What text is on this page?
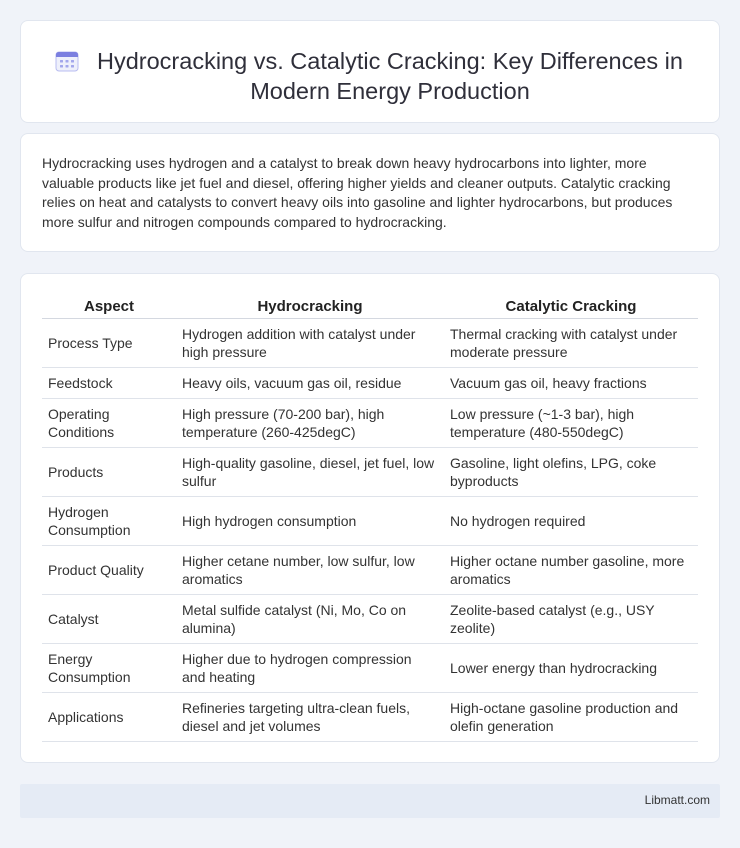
Hydrocracking vs. Catalytic Cracking: Key Differences in Modern Energy Production

Hydrocracking uses hydrogen and a catalyst to break down heavy hydrocarbons into lighter, more valuable products like jet fuel and diesel, offering higher yields and cleaner outputs. Catalytic cracking relies on heat and catalysts to convert heavy oils into gasoline and lighter hydrocarbons, but produces more sulfur and nitrogen compounds compared to hydrocracking.

Aspect	Hydrocracking	Catalytic Cracking
Process Type	Hydrogen addition with catalyst under high pressure	Thermal cracking with catalyst under moderate pressure
Feedstock	Heavy oils, vacuum gas oil, residue	Vacuum gas oil, heavy fractions
Operating Conditions	High pressure (70-200 bar), high temperature (260-425degC)	Low pressure (~1-3 bar), high temperature (480-550degC)
Products	High-quality gasoline, diesel, jet fuel, low sulfur	Gasoline, light olefins, LPG, coke byproducts
Hydrogen Consumption	High hydrogen consumption	No hydrogen required
Product Quality	Higher cetane number, low sulfur, low aromatics	Higher octane number gasoline, more aromatics
Catalyst	Metal sulfide catalyst (Ni, Mo, Co on alumina)	Zeolite-based catalyst (e.g., USY zeolite)
Energy Consumption	Higher due to hydrogen compression and heating	Lower energy than hydrocracking
Applications	Refineries targeting ultra-clean fuels, diesel and jet volumes	High-octane gasoline production and olefin generation
Libmatt.com
